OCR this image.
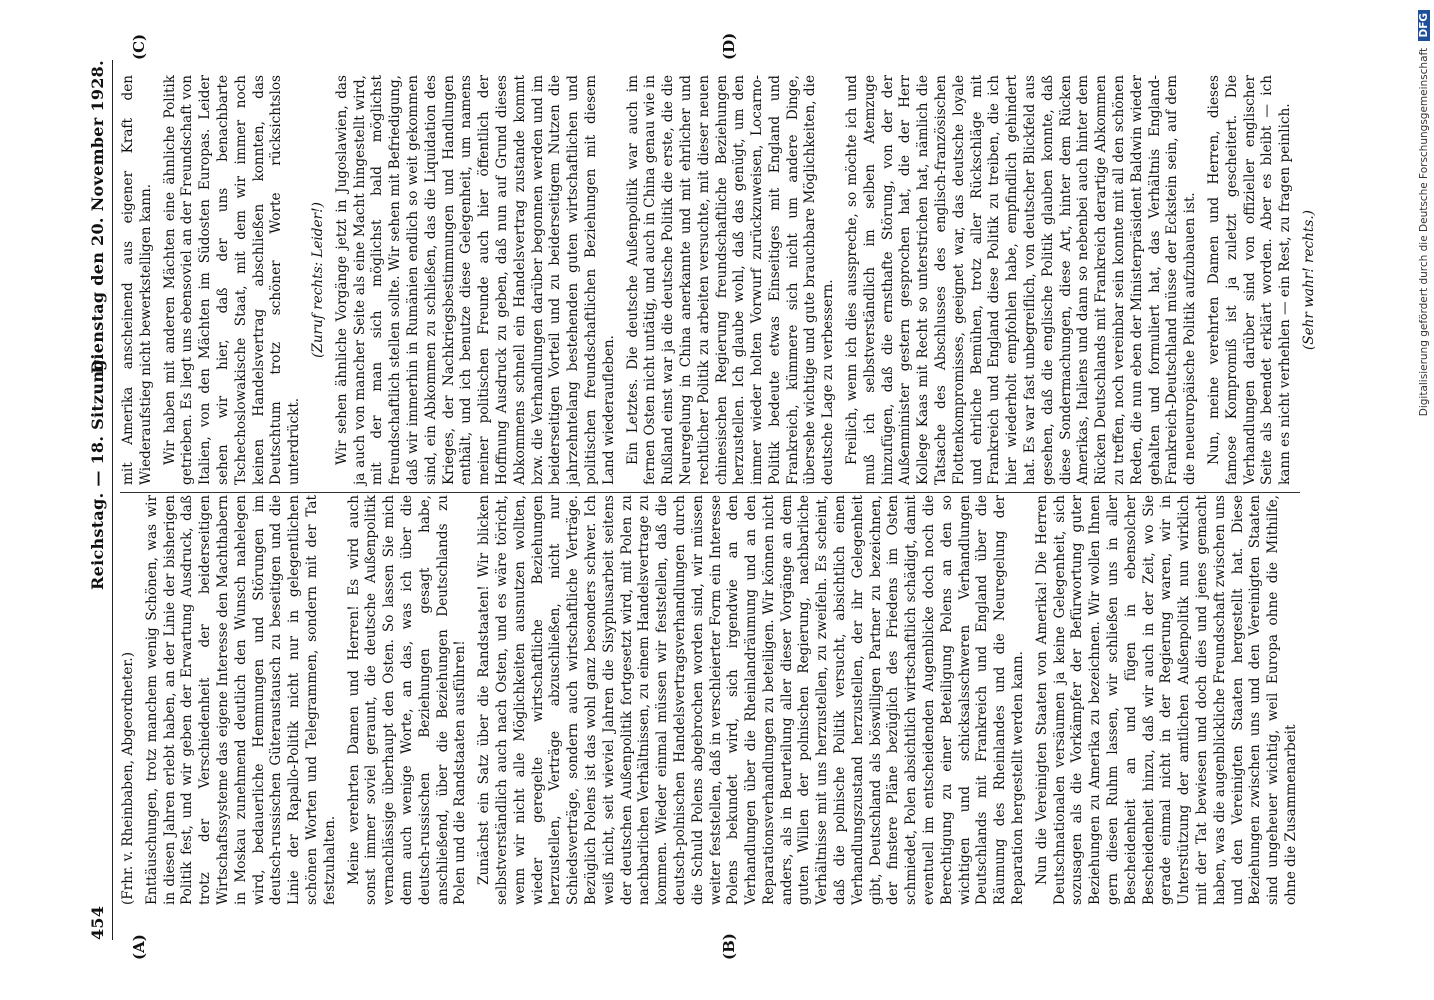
454
Reichstag. — 18. Sitzung.
Dienstag den 20. November 1928.
(A)	(B)
(C)	(D)

(Frhr. v. Rheinbaben, Abgeordneter.) Enttäuschungen, trotz manchem wenig Schönen, was wir in diesen Jahren erlebt haben, an der Linie der bisherigen Politik fest, und wir geben der Erwartung Ausdruck, daß trotz der Verschiedenheit der beiderseitigen Wirtschaftssysteme das eigene Interesse den Machthabern in Moskau zunehmend deutlich den Wunsch nahelegen wird, bedauerliche Hemmungen und Störungen im deutsch-russischen Güteraustausch zu beseitigen und die Linie der Rapallo-Politik nicht nur in gelegentlichen schönen Worten und Telegrammen, sondern mit der Tat festzuhalten. Meine verehrten Damen und Herren! Es wird auch sonst immer soviel geraunt, die deutsche Außenpolitik vernachlässige überhaupt den Osten. So lassen Sie mich denn auch wenige Worte, an das, was ich über die deutsch-russischen Beziehungen gesagt habe, anschließend, über die Beziehungen Deutschlands zu Polen und die Randstaaten ausführen! Zunächst ein Satz über die Randstaaten! Wir blicken selbstverständlich auch nach Osten, und es wäre töricht, wenn wir nicht alle Möglichkeiten ausnutzen wollten, wieder geregelte wirtschaftliche Beziehungen herzustellen, Verträge abzuschließen, nicht nur Schiedsverträge, sondern auch wirtschaftliche Verträge. Bezüglich Polens ist das wohl ganz besonders schwer. Ich weiß nicht, seit wieviel Jahren die Sisyphusarbeit seitens der deutschen Außenpolitik fortgesetzt wird, mit Polen zu nachbarlichen Verhältnissen, zu einem Handelsvertrage zu kommen. Wieder einmal müssen wir feststellen, daß die deutsch-polnischen Handelsvertragsverhandlungen durch die Schuld Polens abgebrochen worden sind, wir müssen weiter feststellen, daß in verschleierter Form ein Interesse Polens bekundet wird, sich irgendwie an den Verhandlungen über die Rheinlandräumung und an den Reparationsverhandlungen zu beteiligen. Wir können nicht anders, als in Beurteilung aller dieser Vorgänge an dem guten Willen der polnischen Regierung, nachbarliche Verhältnisse mit uns herzustellen, zu zweifeln. Es scheint, daß die polnische Politik versucht, absichtlich einen Verhandlungszustand herzustellen, der ihr Gelegenheit gibt, Deutschland als böswilligen Partner zu bezeichnen, der finstere Pläne bezüglich des Friedens im Osten schmiedet, Polen absichtlich wirtschaftlich schädigt, damit eventuell im entscheidenden Augenblicke doch noch die Berechtigung zu einer Beteiligung Polens an den so wichtigen und schicksalsschweren Verhandlungen Deutschlands mit Frankreich und England über die Räumung des Rheinlandes und die Neuregelung der Reparation hergestellt werden kann. Nun die Vereinigten Staaten von Amerika! Die Herren Deutschnationalen versäumen ja keine Gelegenheit, sich sozusagen als die Vorkämpfer der Befürwortung guter Beziehungen zu Amerika zu bezeichnen. Wir wollen Ihnen gern diesen Ruhm lassen, wir schließen uns in aller Bescheidenheit an und fügen in ebensolcher Bescheidenheit hinzu, daß wir auch in der Zeit, wo Sie gerade einmal nicht in der Regierung waren, wir in Unterstützung der amtlichen Außenpolitik nun wirklich mit der Tat bewiesen und doch dies und jenes gemacht haben, was die augenblickliche Freundschaft zwischen uns und den Vereinigten Staaten hergestellt hat. Diese Beziehungen zwischen uns und den Vereinigten Staaten sind ungeheuer wichtig, weil Europa ohne die Mithilfe, ohne die Zusammenarbeit

mit Amerika anscheinend aus eigener Kraft den Wiederaufstieg nicht bewerkstelligen kann. Wir haben mit anderen Mächten eine ähnliche Politik getrieben. Es liegt uns ebensoviel an der Freundschaft von Italien, von den Mächten im Südosten Europas. Leider sehen wir hier, daß der uns benachbarte Tschechoslowakische Staat, mit dem wir immer noch keinen Handelsvertrag abschließen konnten, das Deutschtum trotz schöner Worte rücksichtslos unterdrückt.

(Zuruf rechts: Leider!) Wir sehen ähnliche Vorgänge jetzt in Jugoslawien, das ja auch von mancher Seite als eine Macht hingestellt wird, mit der man sich möglichst bald möglichst freundschaftlich stellen sollte. Wir sehen mit Befriedigung, daß wir immerhin in Rumänien endlich so weit gekommen sind, ein Abkommen zu schließen, das die Liquidation des Krieges, der Nachkriegsbestimmungen und Handlungen enthält, und ich benutze diese Gelegenheit, um namens meiner politischen Freunde auch hier öffentlich der Hoffnung Ausdruck zu geben, daß nun auf Grund dieses Abkommens schnell ein Handelsvertrag zustande kommt bzw. die Verhandlungen darüber begonnen werden und im beiderseitigen Vorteil und zu beiderseitigem Nutzen die jahrzehntelang bestehenden guten wirtschaftlichen und politischen freundschaftlichen Beziehungen mit diesem Land wiederaufleben. Ein Letztes. Die deutsche Außenpolitik war auch im fernen Osten nicht untätig, und auch in China genau wie in Rußland einst war ja die deutsche Politik die erste, die die Neuregelung in China anerkannte und mit ehrlicher und rechtlicher Politik zu arbeiten versuchte, mit dieser neuen chinesischen Regierung freundschaftliche Beziehungen herzustellen. Ich glaube wohl, daß das genügt, um den immer wieder holten Vorwurf zurückzuweisen, Locarno-Politik bedeute etwas Einseitiges mit England und Frankreich, kümmere sich nicht um andere Dinge, übersehe wichtige und gute brauchbare Möglichkeiten, die deutsche Lage zu verbessern. Freilich, wenn ich dies ausspreche, so möchte ich und muß ich selbstverständlich im selben Atemzuge hinzufügen, daß die ernsthafte Störung, von der der Außenminister gestern gesprochen hat, die der Herr Kollege Kaas mit Recht so unterstrichen hat, nämlich die Tatsache des Abschlusses des englisch-französischen Flottenkompromisses, geeignet war, das deutsche loyale und ehrliche Bemühen, trotz aller Rückschläge mit Frankreich und England diese Politik zu treiben, die ich hier wiederholt empfohlen habe, empfindlich gehindert hat. Es war fast unbegreiflich, von deutscher Blickfeld aus gesehen, daß die englische Politik glauben konnte, daß diese Sondermachungen, diese Art, hinter dem Rücken Amerikas, Italiens und dann so nebenbei auch hinter dem Rücken Deutschlands mit Frankreich derartige Abkommen zu treffen, noch vereinbar sein konnte mit all den schönen Reden, die nun eben der Ministerpräsident Baldwin wieder gehalten und formuliert hat, das Verhältnis England-Frankreich-Deutschland müsse der Eckstein sein, auf dem die neueuropäische Politik aufzubauen ist. Nun, meine verehrten Damen und Herren, dieses famose Kompromiß ist ja zuletzt gescheitert. Die Verhandlungen darüber sind von offizieller englischer Seite als beendet erklärt worden. Aber es bleibt — ich kann es nicht verhehlen — ein Rest, zu fragen peinlich. (Sehr wahr! rechts.)	Digitalisierung gefördert durch die Deutsche Forschungsgemeinschaft DFG
